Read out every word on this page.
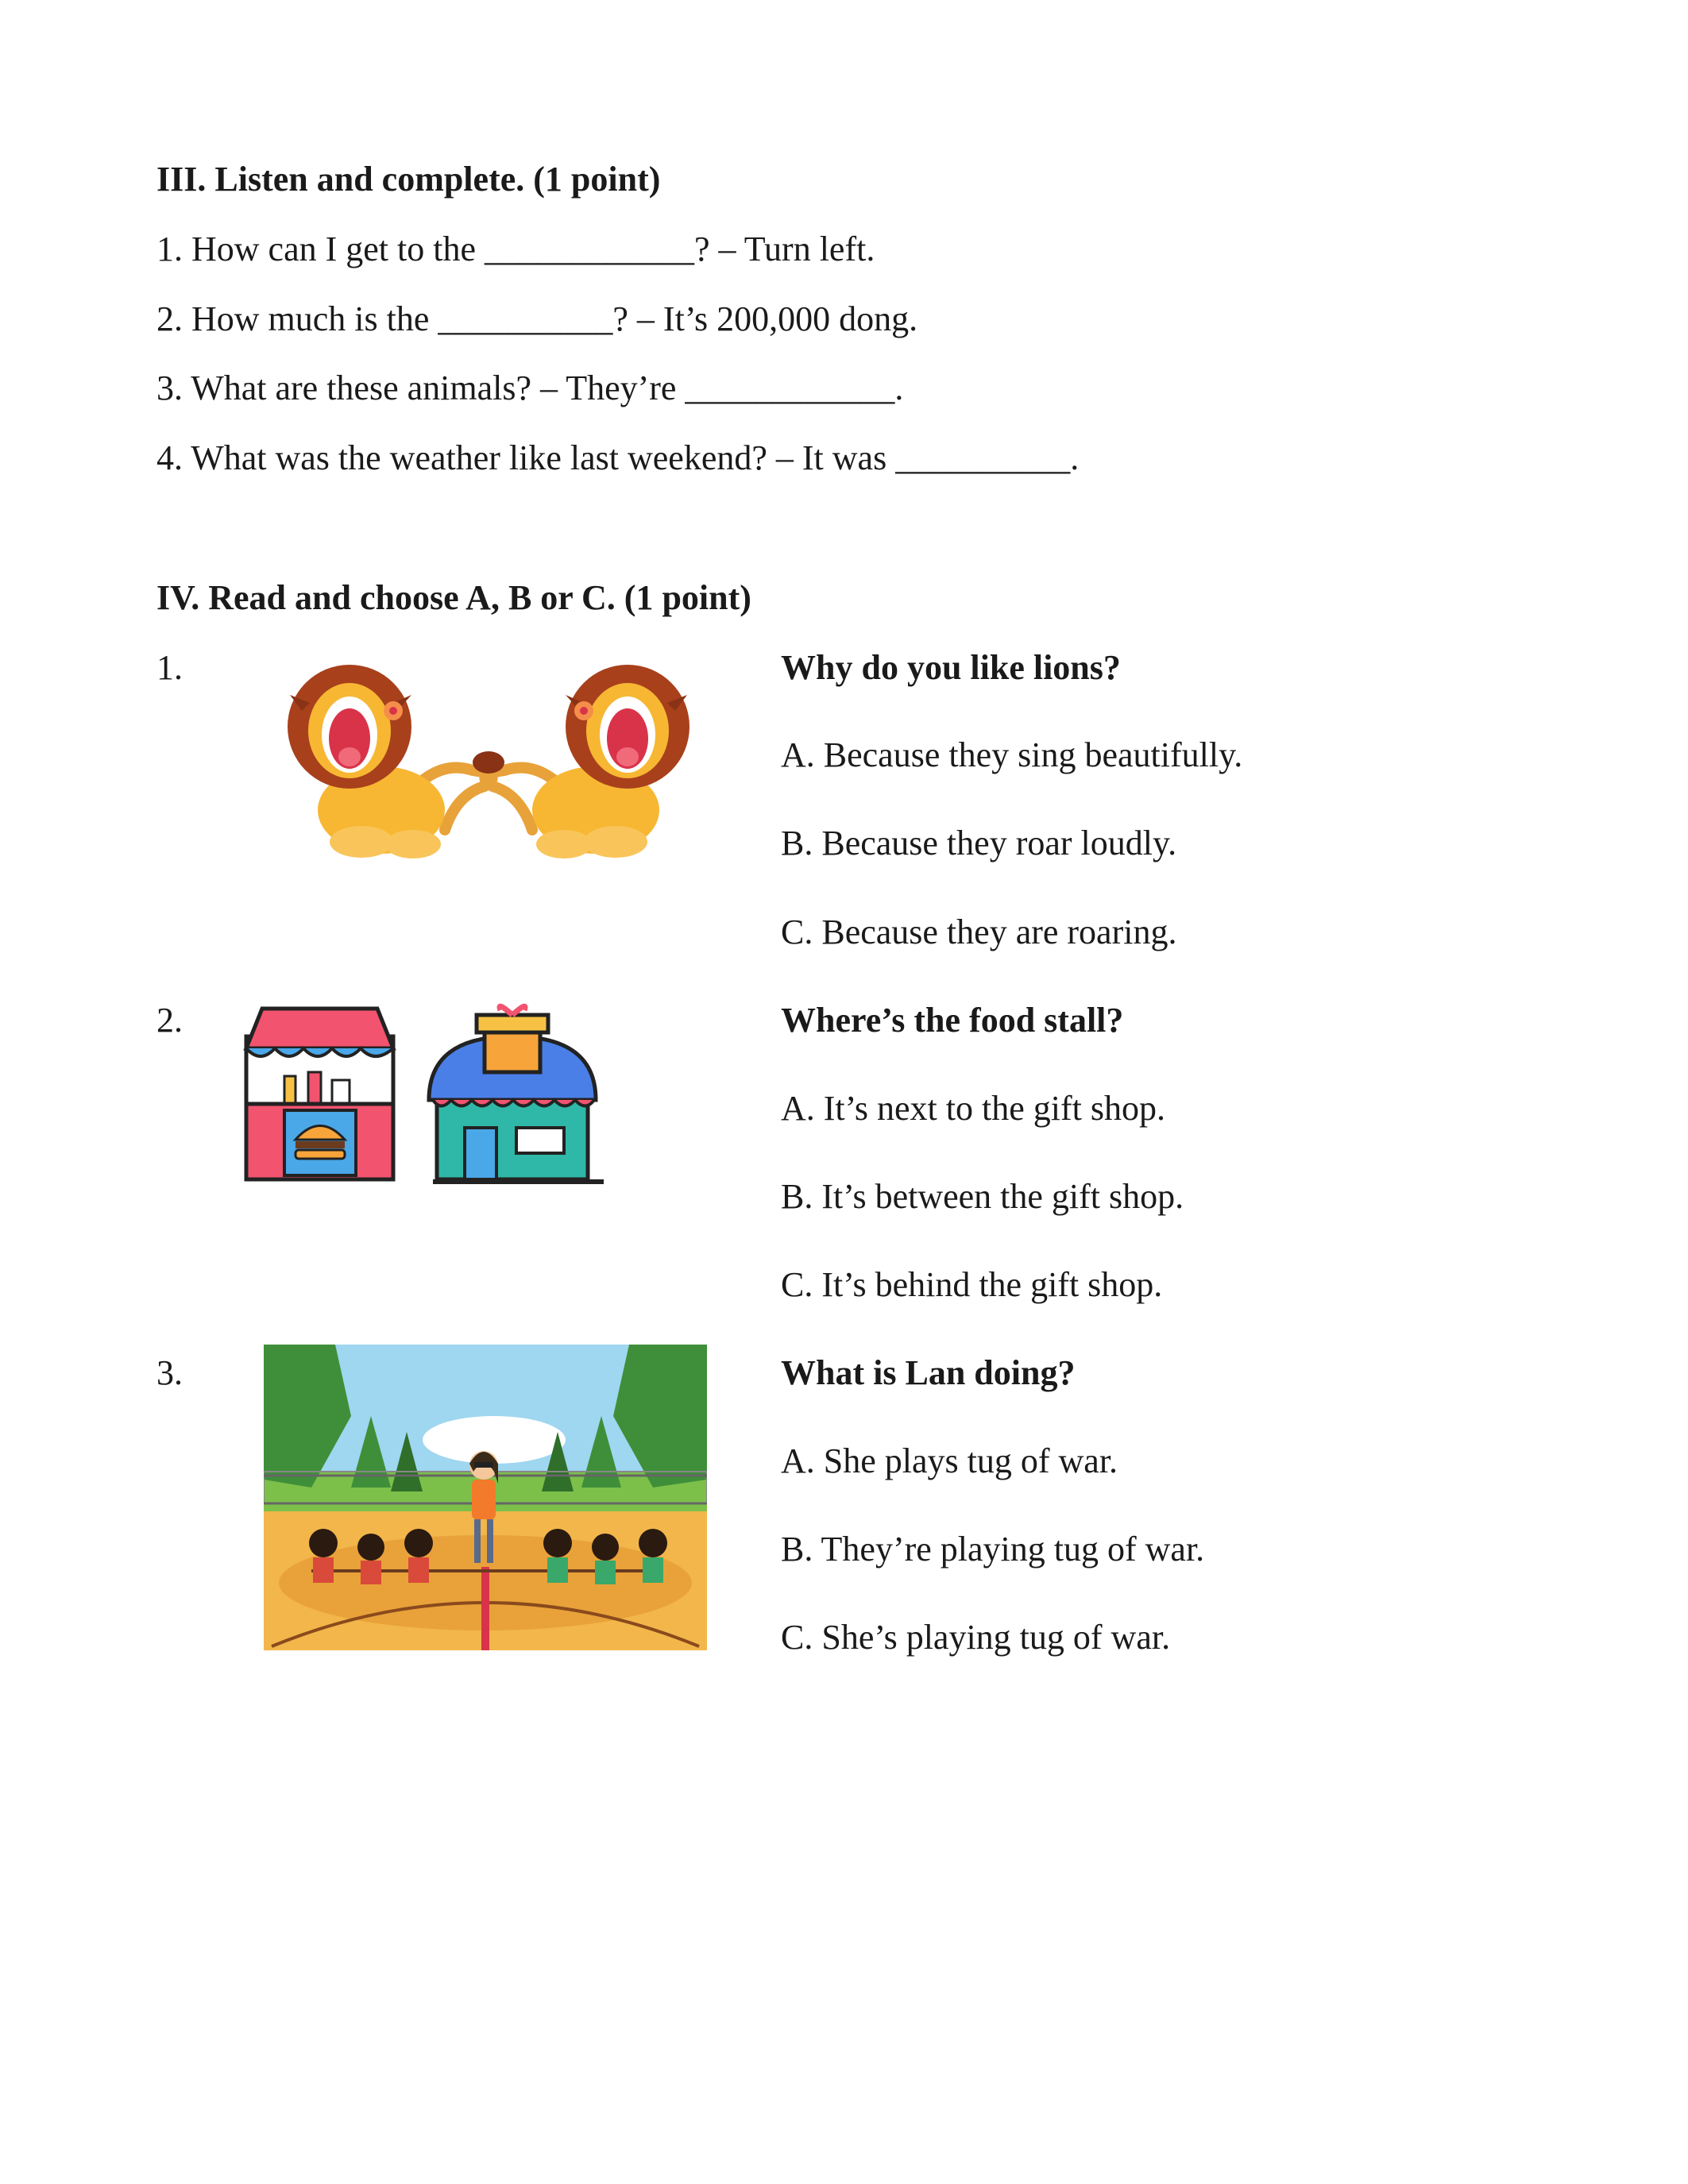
III. Listen and complete. (1 point)
1. How can I get to the ____________? – Turn left.
2. How much is the __________? – It’s 200,000 dong.
3. What are these animals? – They’re ____________.
4. What was the weather like last weekend? – It was __________.
IV. Read and choose A, B or C. (1 point)
1.	Why do you like lions?
A. Because they sing beautifully.
B. Because they roar loudly.
C. Because they are roaring.
2.	Where’s the food stall?
A. It’s next to the gift shop.
B. It’s between the gift shop.
C. It’s behind the gift shop.
3.	What is Lan doing?
A. She plays tug of war.
B. They’re playing tug of war.
C. She’s playing tug of war.
